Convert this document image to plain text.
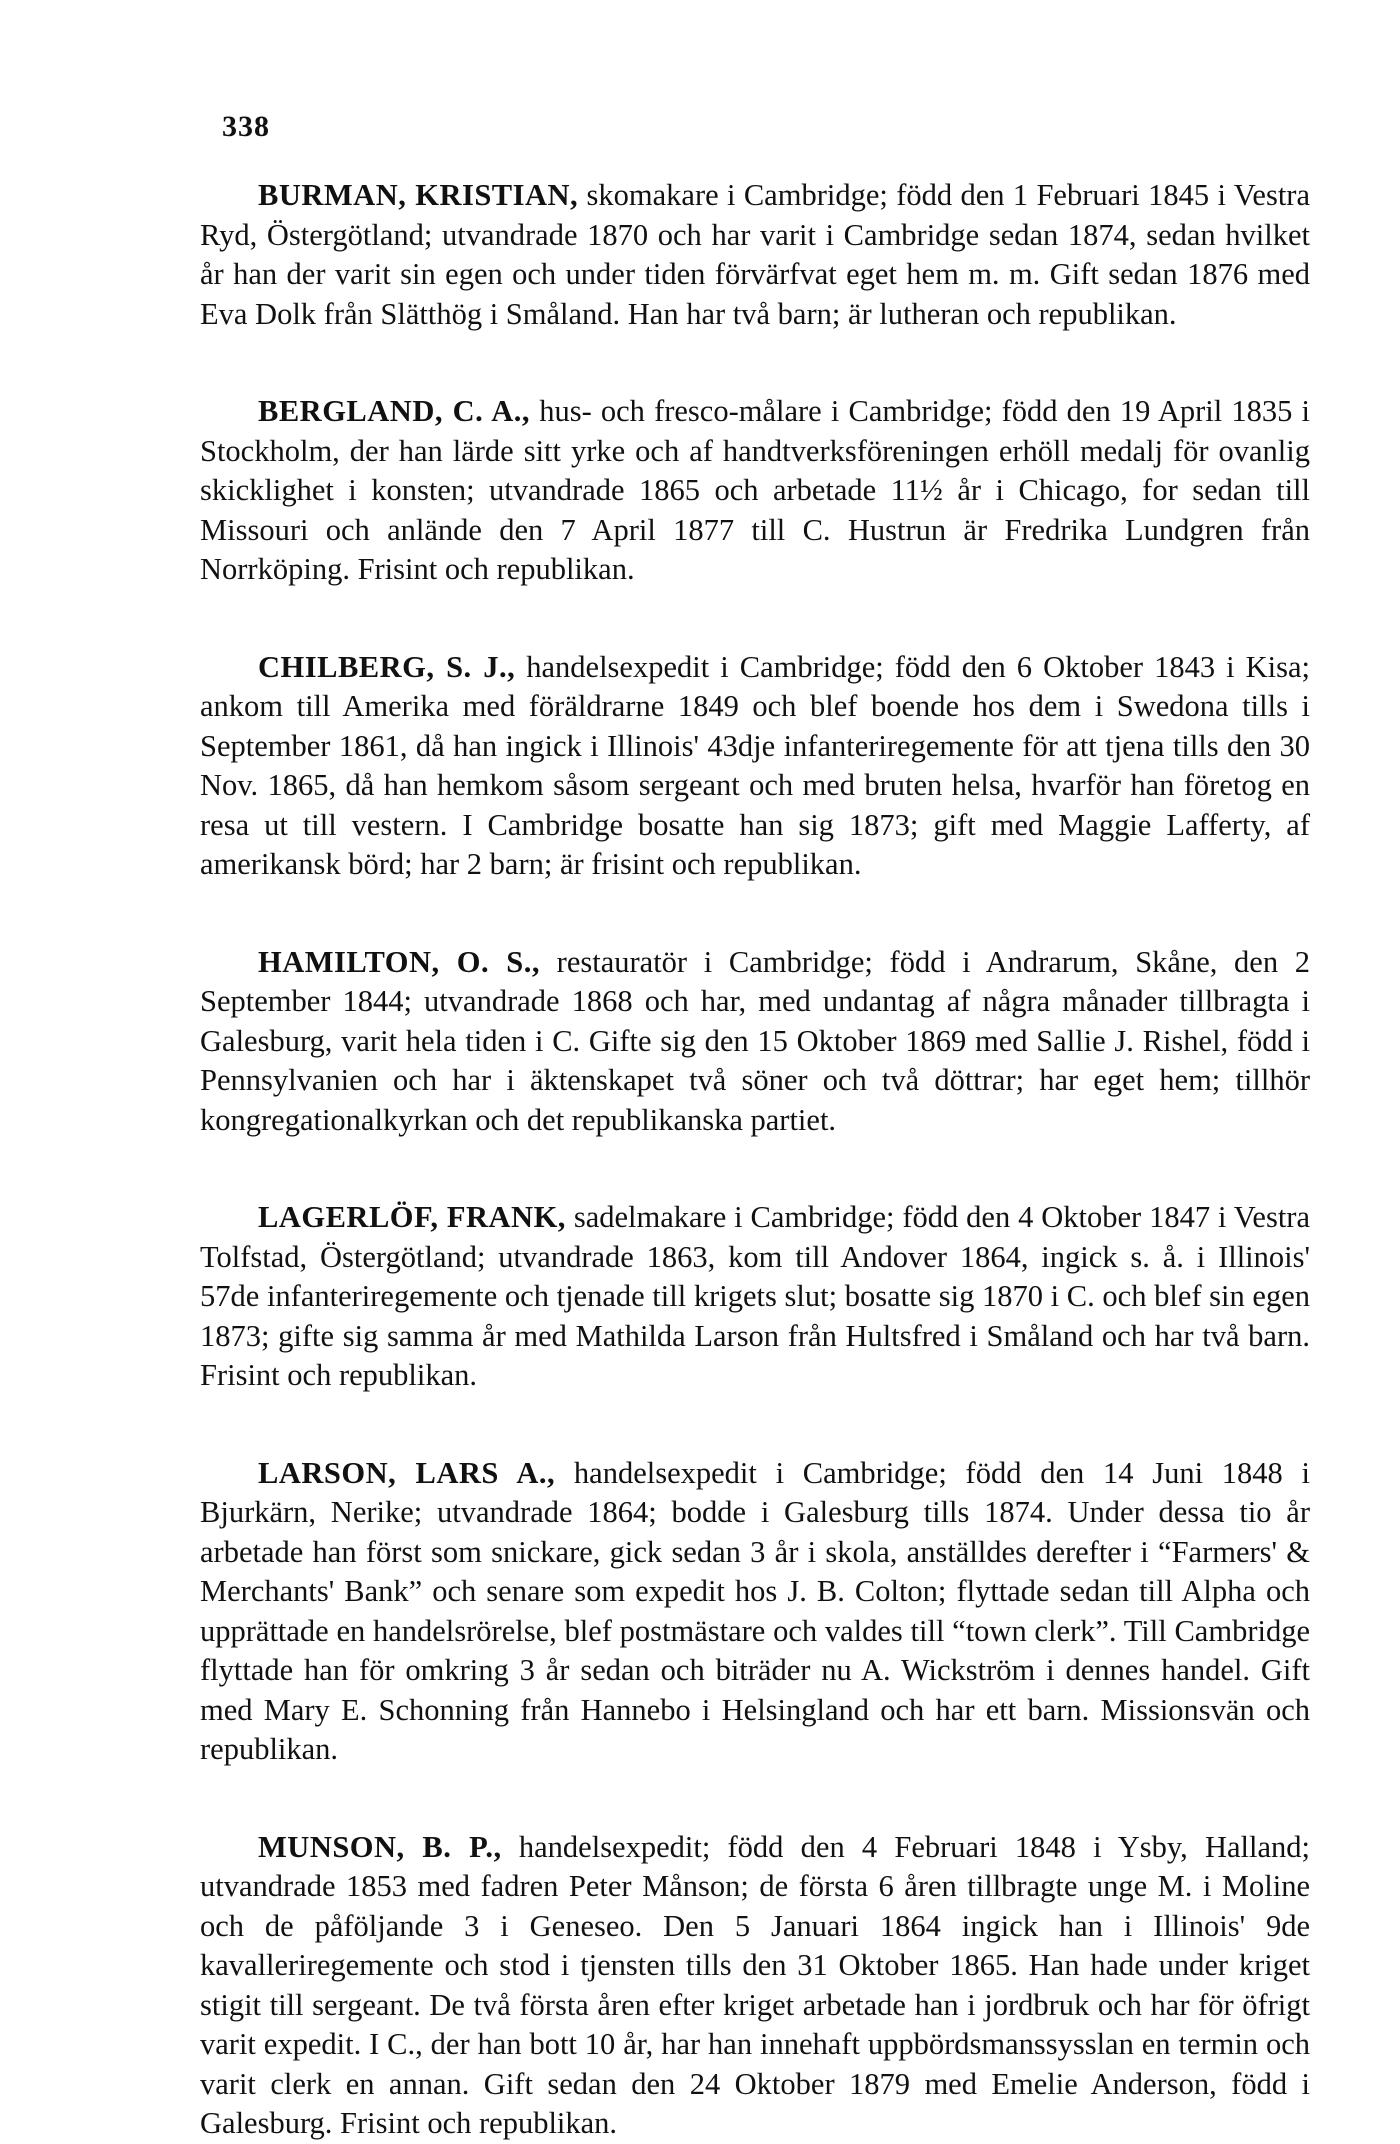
338

BURMAN, KRISTIAN, skomakare i Cambridge; född den 1 Februari 1845 i Vestra Ryd, Östergötland; utvandrade 1870 och har varit i Cambridge sedan 1874, sedan hvilket år han der varit sin egen och under tiden förvärfvat eget hem m. m. Gift sedan 1876 med Eva Dolk från Slätthög i Småland. Han har två barn; är lutheran och republikan.

BERGLAND, C. A., hus- och fresco-målare i Cambridge; född den 19 April 1835 i Stockholm, der han lärde sitt yrke och af handtverksföreningen erhöll medalj för ovanlig skicklighet i konsten; utvandrade 1865 och arbetade 11½ år i Chicago, for sedan till Missouri och anlände den 7 April 1877 till C. Hustrun är Fredrika Lundgren från Norrköping. Frisint och republikan.

CHILBERG, S. J., handelsexpedit i Cambridge; född den 6 Oktober 1843 i Kisa; ankom till Amerika med föräldrarne 1849 och blef boende hos dem i Swedona tills i September 1861, då han ingick i Illinois' 43dje infanteriregemente för att tjena tills den 30 Nov. 1865, då han hemkom såsom sergeant och med bruten helsa, hvarför han företog en resa ut till vestern. I Cambridge bosatte han sig 1873; gift med Maggie Lafferty, af amerikansk börd; har 2 barn; är frisint och republikan.

HAMILTON, O. S., restauratör i Cambridge; född i Andrarum, Skåne, den 2 September 1844; utvandrade 1868 och har, med undantag af några månader tillbragta i Galesburg, varit hela tiden i C. Gifte sig den 15 Oktober 1869 med Sallie J. Rishel, född i Pennsylvanien och har i äktenskapet två söner och två döttrar; har eget hem; tillhör kongregationalkyrkan och det republikanska partiet.

LAGERLÖF, FRANK, sadelmakare i Cambridge; född den 4 Oktober 1847 i Vestra Tolfstad, Östergötland; utvandrade 1863, kom till Andover 1864, ingick s. å. i Illinois' 57de infanteriregemente och tjenade till krigets slut; bosatte sig 1870 i C. och blef sin egen 1873; gifte sig samma år med Mathilda Larson från Hultsfred i Småland och har två barn. Frisint och republikan.

LARSON, LARS A., handelsexpedit i Cambridge; född den 14 Juni 1848 i Bjurkärn, Nerike; utvandrade 1864; bodde i Galesburg tills 1874. Under dessa tio år arbetade han först som snickare, gick sedan 3 år i skola, anställdes derefter i “Farmers' & Merchants' Bank” och senare som expedit hos J. B. Colton; flyttade sedan till Alpha och upprättade en handelsrörelse, blef postmästare och valdes till “town clerk”. Till Cambridge flyttade han för omkring 3 år sedan och biträder nu A. Wickström i dennes handel. Gift med Mary E. Schonning från Hannebo i Helsingland och har ett barn. Missionsvän och republikan.

MUNSON, B. P., handelsexpedit; född den 4 Februari 1848 i Ysby, Halland; utvandrade 1853 med fadren Peter Månson; de första 6 åren tillbragte unge M. i Moline och de påföljande 3 i Geneseo. Den 5 Januari 1864 ingick han i Illinois' 9de kavalleriregemente och stod i tjensten tills den 31 Oktober 1865. Han hade under kriget stigit till sergeant. De två första åren efter kriget arbetade han i jordbruk och har för öfrigt varit expedit. I C., der han bott 10 år, har han innehaft uppbördsmanssysslan en termin och varit clerk en annan. Gift sedan den 24 Oktober 1879 med Emelie Anderson, född i Galesburg. Frisint och republikan.
